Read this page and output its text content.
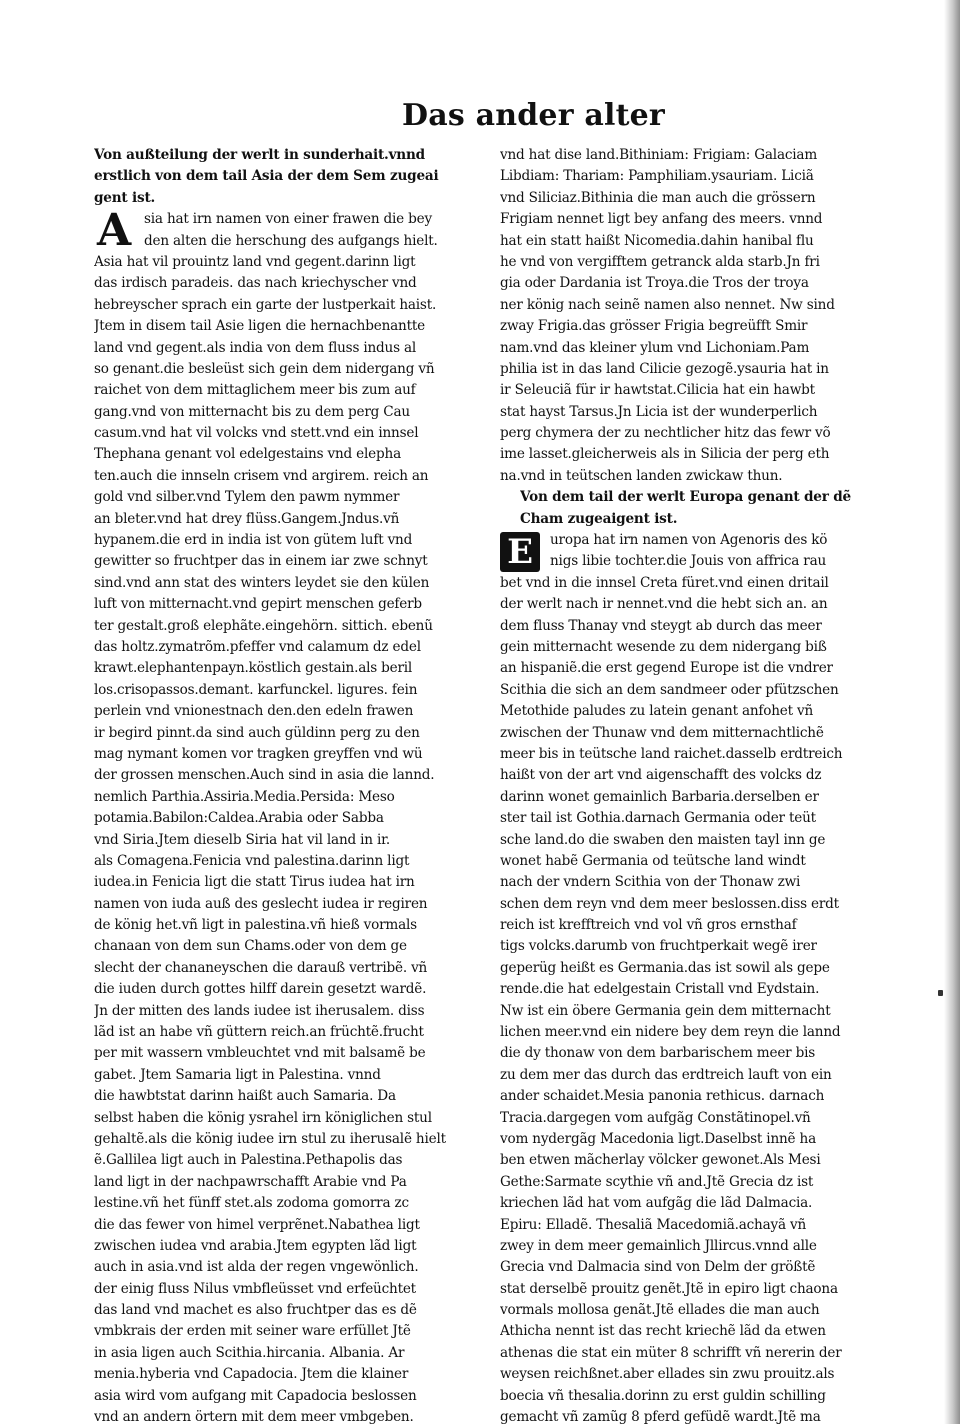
Das ander alter
Von außteilung der werlt in sunderhait.vnnd
erstlich von dem tail Asia der dem Sem zugeai
gent ist.
A sia hat irn namen von einer frawen die bey
den alten die herschung des aufgangs hielt.
Asia hat vil prouintz land vnd gegent.darinn ligt
das irdisch paradeis. das nach kriechyscher vnd
hebreyscher sprach ein garte der lustperkait haist.
Jtem in disem tail Asie ligen die hernachbenantte
land vnd gegent.als india von dem fluss indus al
so genant.die besleüst sich gein dem nidergang vñ
raichet von dem mittaglichem meer bis zum auf
gang.vnd von mitternacht bis zu dem perg Cau
casum.vnd hat vil volcks vnd stett.vnd ein innsel
Thephana genant vol edelgestains vnd elepha
ten.auch die innseln crisem vnd argirem. reich an
gold vnd silber.vnd Tylem den pawm nymmer
an bleter.vnd hat drey flüss.Gangem.Jndus.vñ
hypanem.die erd in india ist von gütem luft vnd
gewitter so fruchtper das in einem iar zwe schnyt
sind.vnd ann stat des winters leydet sie den külen
luft von mitternacht.vnd gepirt menschen geferb
ter gestalt.groß elephãte.eingehörn. sittich. ebenũ
das holtz.zymatrõm.pfeffer vnd calamum dz edel
krawt.elephantenpayn.köstlich gestain.als beril
los.crisopassos.demant. karfunckel. ligures. fein
perlein vnd vnionestnach den.den edeln frawen
ir begird pinnt.da sind auch güldinn perg zu den
mag nymant komen vor tragken greyffen vnd wü
der grossen menschen.Auch sind in asia die lannd.
nemlich Parthia.Assiria.Media.Persida: Meso
potamia.Babilon:Caldea.Arabia oder Sabba
vnd Siria.Jtem dieselb Siria hat vil land in ir.
als Comagena.Fenicia vnd palestina.darinn ligt
iudea.in Fenicia ligt die statt Tirus iudea hat irn
namen von iuda auß des geslecht iudea ir regiren
de könig het.vñ ligt in palestina.vñ hieß vormals
chanaan von dem sun Chams.oder von dem ge
slecht der chananeyschen die darauß vertribẽ. vñ
die iuden durch gottes hilff darein gesetzt wardẽ.
Jn der mitten des lands iudee ist iherusalem. diss
lãd ist an habe vñ güttern reich.an früchtẽ.frucht
per mit wassern vmbleuchtet vnd mit balsamẽ be
gabet. Jtem Samaria ligt in Palestina. vnnd
die hawbtstat darinn haißt auch Samaria. Da
selbst haben die könig ysrahel irn königlichen stul
gehaltẽ.als die könig iudee irn stul zu iherusalẽ hielt
ẽ.Gallilea ligt auch in Palestina.Pethapolis das
land ligt in der nachpawrschafft Arabie vnd Pa
lestine.vñ het fünff stet.als zodoma gomorra zc
die das fewer von himel verprẽnet.Nabathea ligt
zwischen iudea vnd arabia.Jtem egypten lãd ligt
auch in asia.vnd ist alda der regen vngewönlich.
der einig fluss Nilus vmbfleüsset vnd erfeüchtet
das land vnd machet es also fruchtper das es dẽ
vmbkrais der erden mit seiner ware erfüllet Jtẽ
in asia ligen auch Scithia.hircania. Albania. Ar
menia.hyberia vnd Capadocia. Jtem die klainer
asia wird vom aufgang mit Capadocia beslossen
vnd an andern örtern mit dem meer vmbgeben.
vnd hat dise land.Bithiniam: Frigiam: Galaciam
Libdiam: Thariam: Pamphiliam.ysauriam. Liciã
vnd Siliciaz.Bithinia die man auch die grössern
Frigiam nennet ligt bey anfang des meers. vnnd
hat ein statt haißt Nicomedia.dahin hanibal flu
he vnd von vergifftem getranck alda starb.Jn fri
gia oder Dardania ist Troya.die Tros der troya
ner könig nach seinẽ namen also nennet. Nw sind
zway Frigia.das grösser Frigia begreüfft Smir
nam.vnd das kleiner ylum vnd Lichoniam.Pam
philia ist in das land Cilicie gezogẽ.ysauria hat in
ir Seleuciã für ir hawtstat.Cilicia hat ein hawbt
stat hayst Tarsus.Jn Licia ist der wunderperlich
perg chymera der zu nechtlicher hitz das fewr võ
ime lasset.gleicherweis als in Silicia der perg eth
na.vnd in teütschen landen zwickaw thun.
Von dem tail der werlt Europa genant der dẽ
Cham zugeaigent ist.
E	uropa hat irn namen von Agenoris des kö
nigs libie tochter.die Jouis von affrica rau
bet vnd in die innsel Creta füret.vnd einen dritail
der werlt nach ir nennet.vnd die hebt sich an. an
dem fluss Thanay vnd steygt ab durch das meer
gein mitternacht wesende zu dem nidergang biß
an hispaniẽ.die erst gegend Europe ist die vndrer
Scithia die sich an dem sandmeer oder pfützschen
Metothide paludes zu latein genant anfohet vñ
zwischen der Thunaw vnd dem mitternachtlichẽ
meer bis in teütsche land raichet.dasselb erdtreich
haißt von der art vnd aigenschafft des volcks dz
darinn wonet gemainlich Barbaria.derselben er
ster tail ist Gothia.darnach Germania oder teüt
sche land.do die swaben den maisten tayl inn ge
wonet habẽ Germania od teütsche land windt
nach der vndern Scithia von der Thonaw zwi
schen dem reyn vnd dem meer beslossen.diss erdt
reich ist krefftreich vnd vol vñ gros ernsthaf
tigs volcks.darumb von fruchtperkait wegẽ irer
geperüg heißt es Germania.das ist sowil als gepe
rende.die hat edelgestain Cristall vnd Eydstain.
Nw ist ein öbere Germania gein dem mitternacht
lichen meer.vnd ein nidere bey dem reyn die lannd
die dy thonaw von dem barbarischem meer bis
zu dem mer das durch das erdtreich lauft von ein
ander schaidet.Mesia panonia rethicus. darnach
Tracia.dargegen vom aufgãg Constãtinopel.vñ
vom nydergãg Macedonia ligt.Daselbst innẽ ha
ben etwen mãcherlay völcker gewonet.Als Mesi
Gethe:Sarmate scythie vñ and.Jtẽ Grecia dz ist
kriechen lãd hat vom aufgãg die lãd Dalmacia.
Epiru: Elladẽ. Thesaliã Macedomiã.achayã vñ
zwey in dem meer gemainlich Jllircus.vnnd alle
Grecia vnd Dalmacia sind von Delm der größtẽ
stat derselbẽ prouitz genẽt.Jtẽ in epiro ligt chaona
vormals mollosa genãt.Jtẽ ellades die man auch
Athicha nennt ist das recht kriechẽ lãd da etwen
athenas die stat ein müter 8 schrifft vñ nererin der
weysen reichßnet.aber ellades sin zwu prouitz.als
boecia vñ thesalia.dorinn zu erst guldin schilling
gemacht vñ zamũg 8 pferd gefüdẽ wardt.Jtẽ ma
